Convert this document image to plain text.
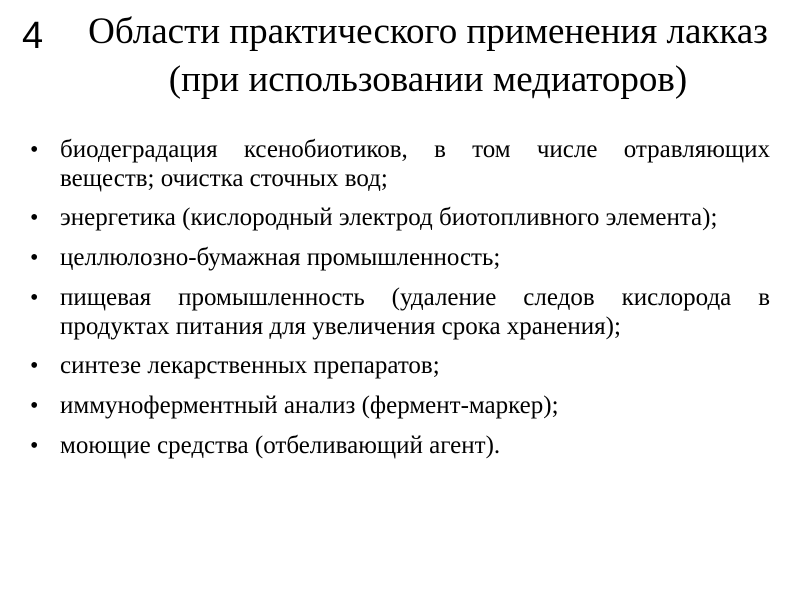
4	Области практического применения лакказ (при использовании медиаторов)
• биодеградация ксенобиотиков, в том числе отравляющих веществ; очистка сточных вод;
• энергетика (кислородный электрод биотопливного элемента);
• целлюлозно-бумажная промышленность;
• пищевая промышленность (удаление следов кислорода в продуктах питания для увеличения срока хранения);
• синтезе лекарственных препаратов;
• иммуноферментный анализ (фермент-маркер);
• моющие средства (отбеливающий агент).
